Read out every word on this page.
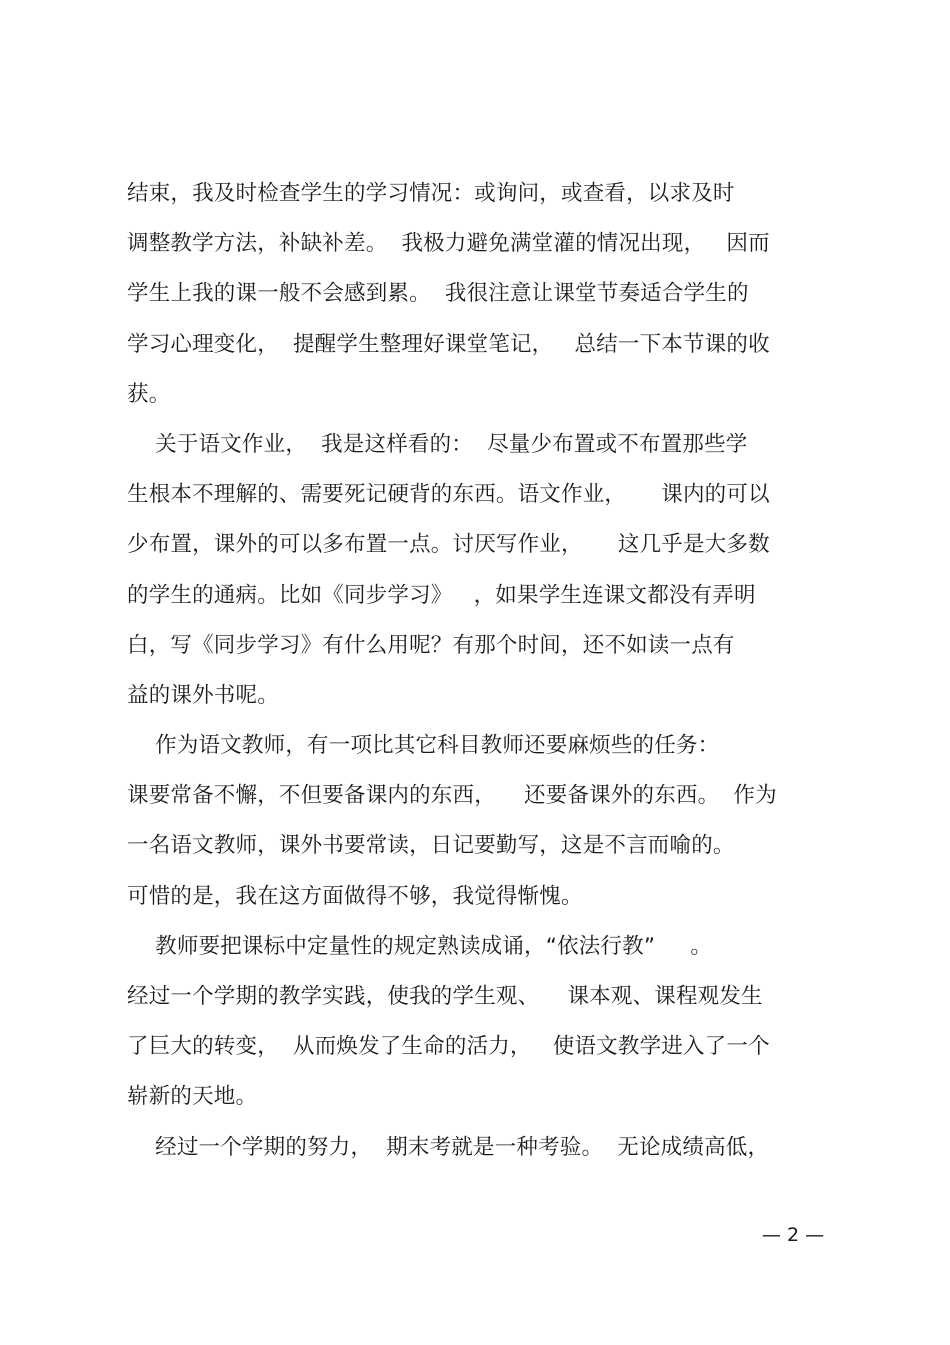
结束，我及时检查学生的学习情况：或询问，或查看，以求及时
调整教学方法，补缺补差。  我极力避免满堂灌的情况出现，   因而
学生上我的课一般不会感到累。  我很注意让课堂节奏适合学生的
学习心理变化，  提醒学生整理好课堂笔记，   总结一下本节课的收
获。
关于语文作业，  我是这样看的：  尽量少布置或不布置那些学
生根本不理解的、需要死记硬背的东西。语文作业，     课内的可以
少布置，课外的可以多布置一点。讨厌写作业，     这几乎是大多数
的学生的通病。比如《同步学习》   ，如果学生连课文都没有弄明
白，写《同步学习》有什么用呢？有那个时间，还不如读一点有
益的课外书呢。
作为语文教师，有一项比其它科目教师还要麻烦些的任务：
课要常备不懈，不但要备课内的东西，    还要备课外的东西。  作为
一名语文教师，课外书要常读，日记要勤写，这是不言而喻的。
可惜的是，我在这方面做得不够，我觉得惭愧。
教师要把课标中定量性的规定熟读成诵，“依法行教”     。
经过一个学期的教学实践，使我的学生观、    课本观、课程观发生
了巨大的转变，  从而焕发了生命的活力，   使语文教学进入了一个
崭新的天地。
经过一个学期的努力，  期末考就是一种考验。  无论成绩高低，
— 2 —
